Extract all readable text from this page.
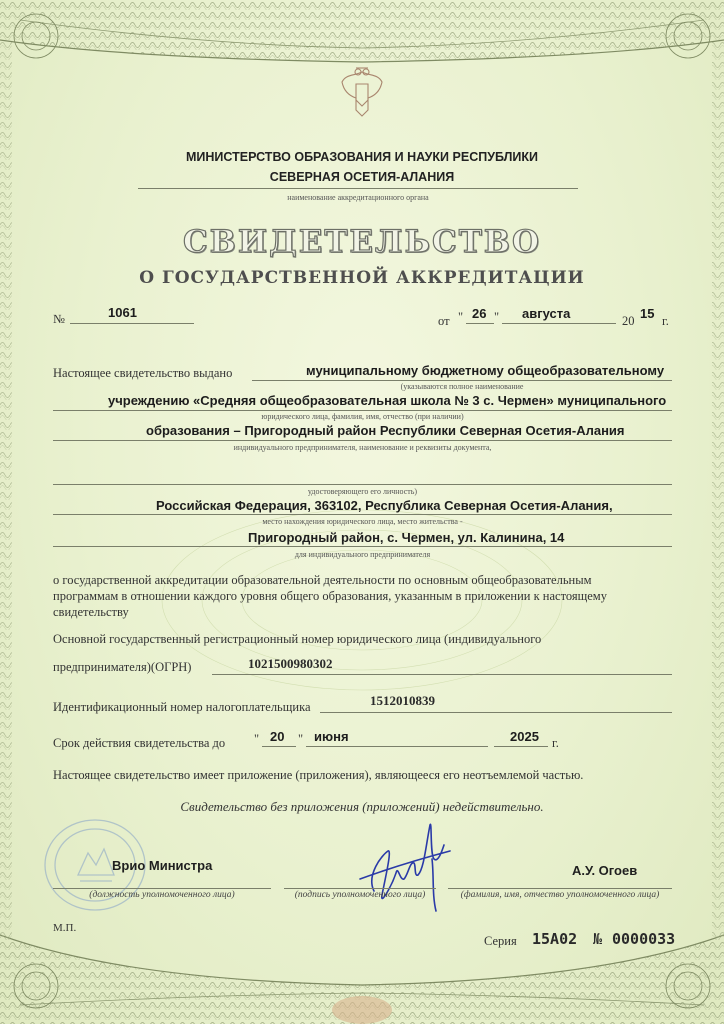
МИНИСТЕРСТВО ОБРАЗОВАНИЯ И НАУКИ РЕСПУБЛИКИ
СЕВЕРНАЯ ОСЕТИЯ-АЛАНИЯ
наименование аккредитационного органа
СВИДЕТЕЛЬСТВО
О ГОСУДАРСТВЕННОЙ АККРЕДИТАЦИИ
№	1061
от " 26 " августа	20 15 г.
Настоящее свидетельство выдано	муниципальному бюджетному общеобразовательному
(указываются полное наименование
учреждению «Средняя общеобразовательная школа № 3 с. Чермен» муниципального
юридического лица, фамилия, имя, отчество (при наличии)
образования – Пригородный район Республики Северная Осетия-Алания
индивидуального предпринимателя, наименование и реквизиты документа,
удостоверяющего его личность)
Российская Федерация, 363102, Республика Северная Осетия-Алания,
место нахождения юридического лица, место жительства -
Пригородный район, с. Чермен, ул. Калинина, 14
для индивидуального предпринимателя
о государственной аккредитации образовательной деятельности по основным общеобразовательным
программам в отношении каждого уровня общего образования, указанным в приложении к настоящему
свидетельству
Основной государственный регистрационный номер юридического лица (индивидуального
предпринимателя)(ОГРН)	1021500980302
Идентификационный номер налогоплательщика	1512010839
Срок действия свидетельства до " 20 " июня	2025 г.
Настоящее свидетельство имеет приложение (приложения), являющееся его неотъемлемой частью.
Свидетельство без приложения (приложений) недействительно.
Врио Министра
(должность уполномоченного лица)	(подпись уполномоченного лица)
А.У. Огоев
(фамилия, имя, отчество уполномоченного лица)
М.П.
Серия 15А02 № 0000033
